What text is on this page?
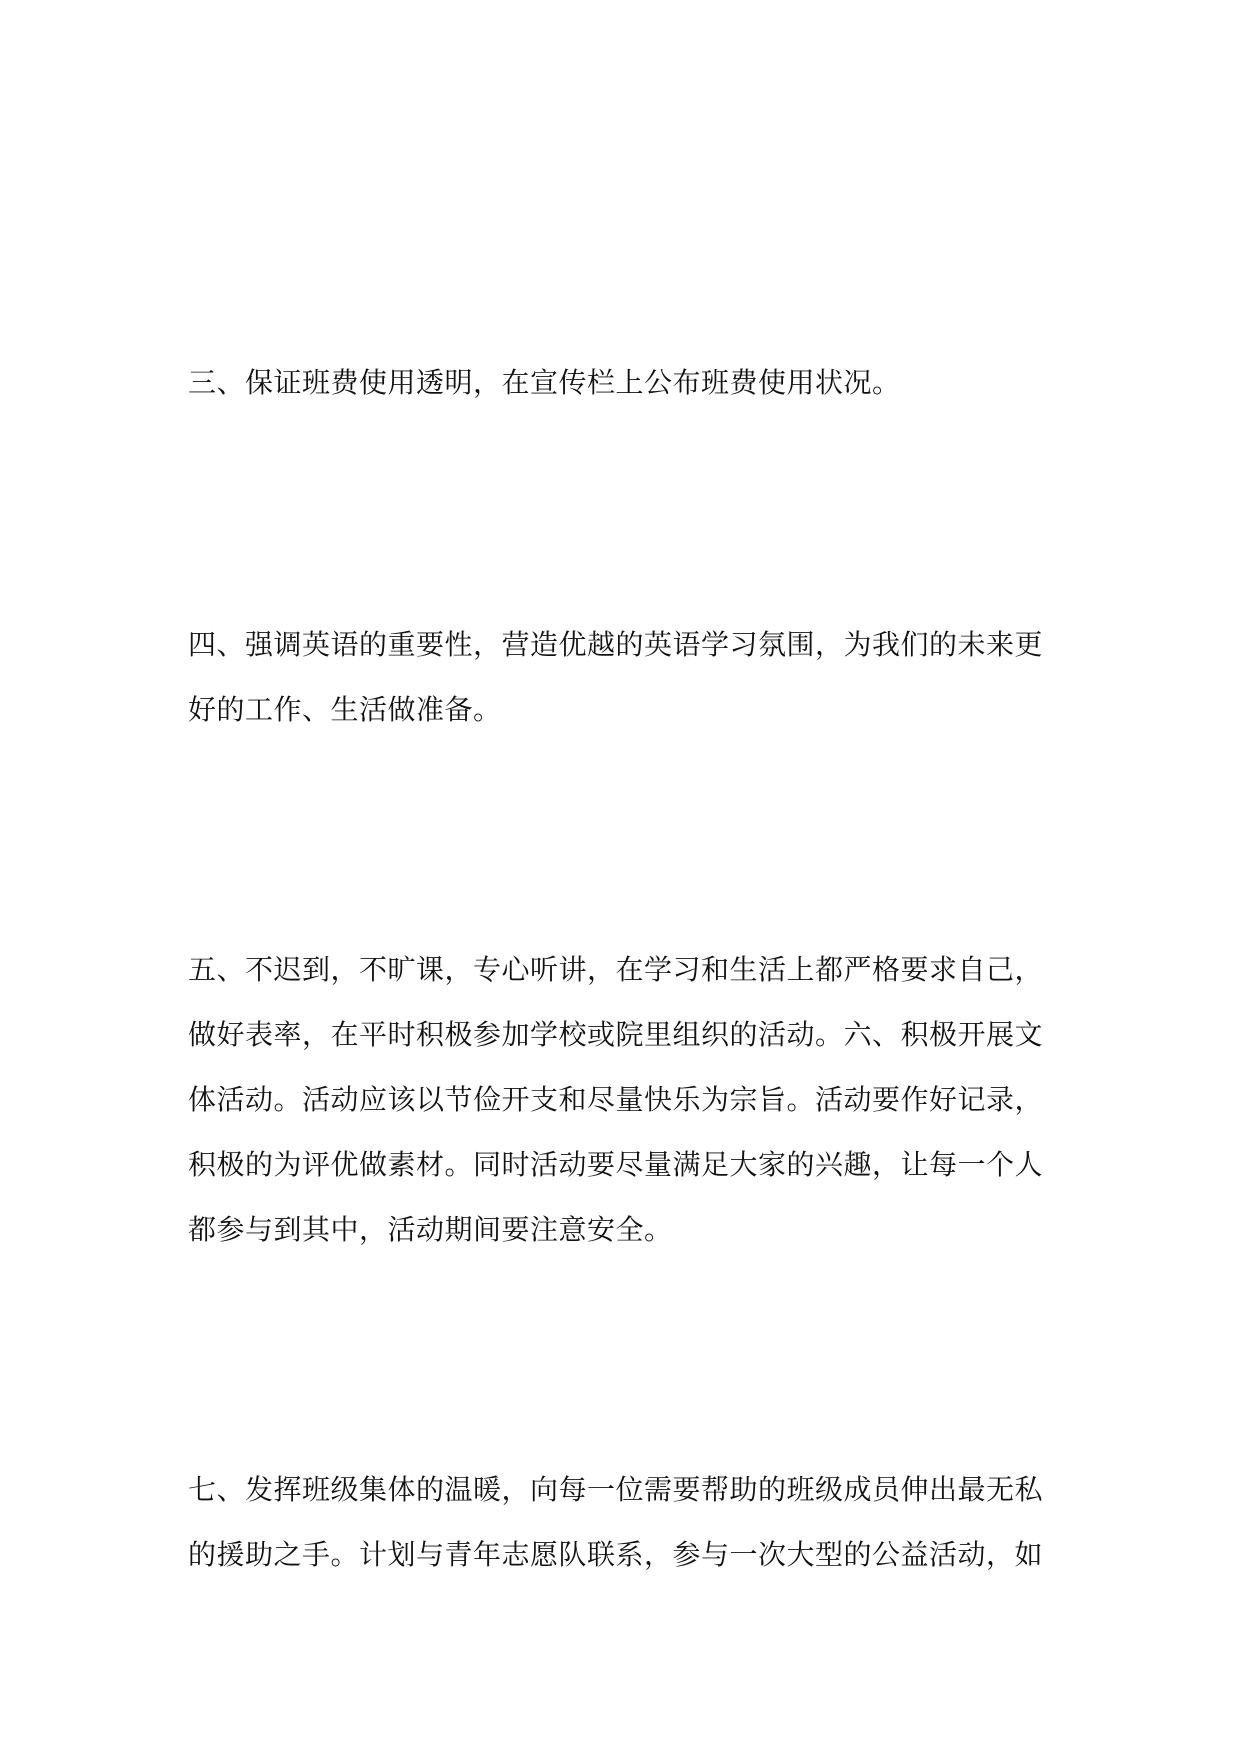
三、保证班费使用透明，在宣传栏上公布班费使用状况。

四、强调英语的重要性，营造优越的英语学习氛围，为我们的未来更
好的工作、生活做准备。

五、不迟到，不旷课，专心听讲，在学习和生活上都严格要求自己，
做好表率，在平时积极参加学校或院里组织的活动。六、积极开展文
体活动。活动应该以节俭开支和尽量快乐为宗旨。活动要作好记录，
积极的为评优做素材。同时活动要尽量满足大家的兴趣，让每一个人
都参与到其中，活动期间要注意安全。

七、发挥班级集体的温暖，向每一位需要帮助的班级成员伸出最无私
的援助之手。计划与青年志愿队联系，参与一次大型的公益活动，如
